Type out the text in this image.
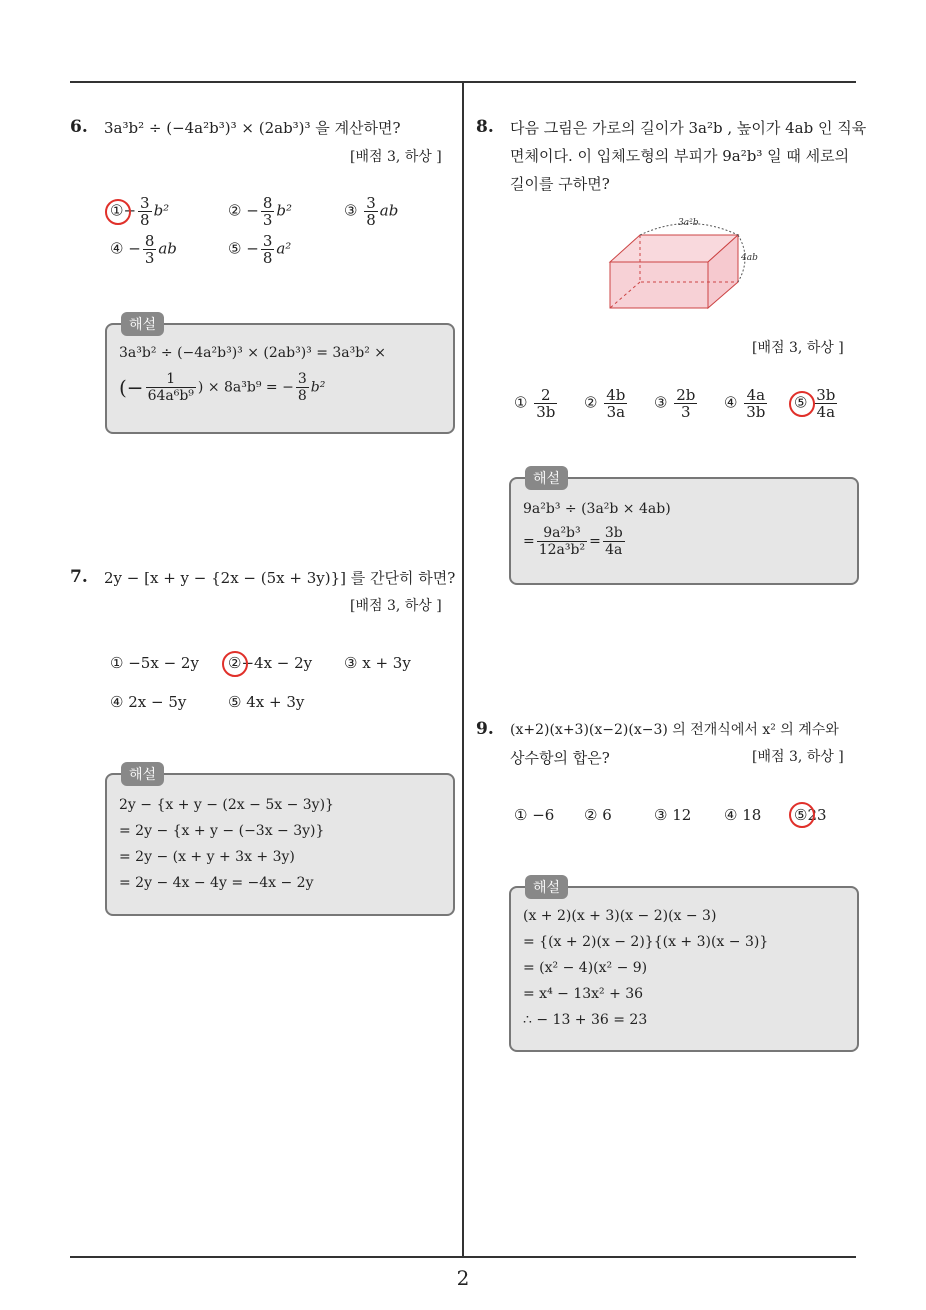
6. 3a³b² ÷ (−4a²b³)³ × (2ab³)³ 을 계산하면?
[배점 3, 하상 ]
①− $\frac{3}{8} b^2$	② − $\frac{8}{3} b^2$	③ $\frac{3}{8}$ ab
④ − $\frac{8}{3}$ ab	⑤ − $\frac{3}{8} a^2$
해설
3a³b² ÷ (−4a²b³)³ × (2ab³)³ = 3a³b² ×
(− $\frac{1}{\text{64a⁶b⁹}}$ ) × 8a³b⁹ = − $\frac{3}{8} b^2$
7. 2y − [x + y − {2x − (5x + 3y)}] 를 간단히 하면?
[배점 3, 하상 ]
① −5x − 2y ②−4x − 2y ③ x + 3y
④ 2x − 5y	⑤ 4x + 3y
해설
2y − {x + y − (2x − 5x − 3y)}
= 2y − {x + y − (−3x − 3y)}
= 2y − (x + y + 3x + 3y)
= 2y − 4x − 4y = −4x − 2y
8. 다음 그림은 가로의 길이가 3a²b , 높이가 4ab 인 직육
면체이다. 이 입체도형의 부피가 9a²b³ 일 때 세로의
길이를 구하면?
3a²b
4ab
[배점 3, 하상 ]
① $\frac{2}{3b}$ ② $\frac{4b}{3a}$ ③ $\frac{2b}{3}$ ④ $\frac{4a}{3b}$ ⑤ $\frac{3b}{4a}$
해설
9a²b³ ÷ (3a²b × 4ab)
= $\frac{\text{9a²b³}}{\text{12a³b²}} = \frac{3b}{4a}$
9. (x+2)(x+3)(x−2)(x−3) 의 전개식에서 x² 의 계수와
상수항의 합은?	[배점 3, 하상 ]
① −6 ② 6	③ 12 ④ 18 ⑤23
해설
(x + 2)(x + 3)(x − 2)(x − 3)
= {(x + 2)(x − 2)}{(x + 3)(x − 3)}
= (x² − 4)(x² − 9)
= x⁴ − 13x² + 36
∴ − 13 + 36 = 23
2
